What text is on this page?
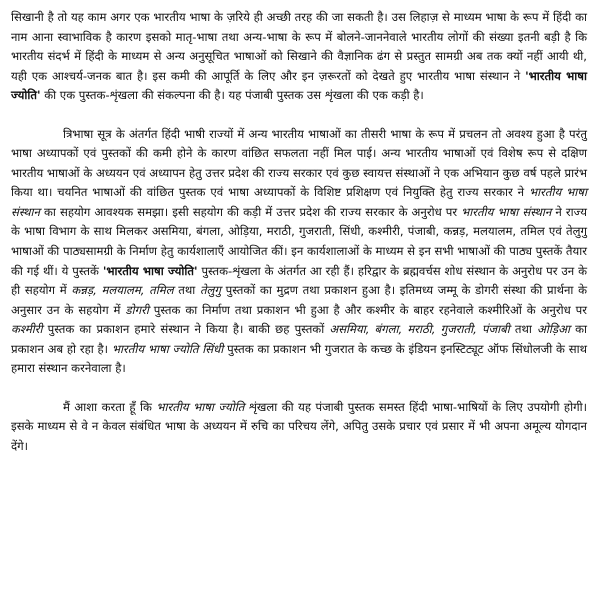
सिखानी है तो यह काम अगर एक भारतीय भाषा के ज़रिये ही अच्छी तरह की जा सकती है। उस लिहाज़ से माध्यम भाषा के रूप में हिंदी का नाम आना स्वाभाविक है कारण इसको मातृ-भाषा तथा अन्य-भाषा के रूप में बोलने-जाननेवाले भारतीय लोगों की संख्या इतनी बड़ी है कि भारतीय संदर्भ में हिंदी के माध्यम से अन्य अनुसूचित भाषाओं को सिखाने की वैज्ञानिक ढंग से प्रस्तुत सामग्री अब तक क्यों नहीं आयी थी, यही एक आश्चर्य-जनक बात है। इस कमी की आपूर्ति के लिए और इन ज़रूरतों को देखते हुए भारतीय भाषा संस्थान ने 'भारतीय भाषा ज्योति' की एक पुस्तक-शृंखला की संकल्पना की है। यह पंजाबी पुस्तक उस शृंखला की एक कड़ी है।

त्रिभाषा सूत्र के अंतर्गत हिंदी भाषी राज्यों में अन्य भारतीय भाषाओं का तीसरी भाषा के रूप में प्रचलन तो अवश्य हुआ है परंतु भाषा अध्यापकों एवं पुस्तकों की कमी होने के कारण वांछित सफलता नहीं मिल पाई। अन्य भारतीय भाषाओं एवं विशेष रूप से दक्षिण भारतीय भाषाओं के अध्ययन एवं अध्यापन हेतु उत्तर प्रदेश की राज्य सरकार एवं कुछ स्वायत्त संस्थाओं ने एक अभियान कुछ वर्ष पहले प्रारंभ किया था। चयनित भाषाओं की वांछित पुस्तक एवं भाषा अध्यापकों के विशिष्ट प्रशिक्षण एवं नियुक्ति हेतु राज्य सरकार ने भारतीय भाषा संस्थान का सहयोग आवश्यक समझा। इसी सहयोग की कड़ी में उत्तर प्रदेश की राज्य सरकार के अनुरोध पर भारतीय भाषा संस्थान ने राज्य के भाषा विभाग के साथ मिलकर असमिया, बंगला, ओड़िया, मराठी, गुजराती, सिंधी, कश्मीरी, पंजाबी, कन्नड़, मलयालम, तमिल एवं तेलुगु भाषाओं की पाठ्यसामग्री के निर्माण हेतु कार्यशालाएँ आयोजित कीं। इन कार्यशालाओं के माध्यम से इन सभी भाषाओं की पाठ्य पुस्तकें तैयार की गई थीं। ये पुस्तकें 'भारतीय भाषा ज्योति' पुस्तक-शृंखला के अंतर्गत आ रही हैं। हरिद्वार के ब्रह्मवर्चस शोध संस्थान के अनुरोध पर उन के ही सहयोग में कन्नड़, मलयालम, तमिल तथा तेलुगु पुस्तकों का मुद्रण तथा प्रकाशन हुआ है। इतिमध्य जम्मू के डोगरी संस्था की प्रार्थना के अनुसार उन के सहयोग में डोगरी पुस्तक का निर्माण तथा प्रकाशन भी हुआ है और कश्मीर के बाहर रहनेवाले कश्मीरिओं के अनुरोध पर कश्मीरी पुस्तक का प्रकाशन हमारे संस्थान ने किया है। बाकी छह पुस्तकों असमिया, बंगला, मराठी, गुजराती, पंजाबी तथा ओड़िआ का प्रकाशन अब हो रहा है। भारतीय भाषा ज्योति सिंधी पुस्तक का प्रकाशन भी गुजरात के कच्छ के इंडियन इनस्टिट्यूट ऑफ सिंधोलजी के साथ हमारा संस्थान करनेवाला है।

मैं आशा करता हूँ कि भारतीय भाषा ज्योति शृंखला की यह पंजाबी पुस्तक समस्त हिंदी भाषा-भाषियों के लिए उपयोगी होगी। इसके माध्यम से वे न केवल संबंधित भाषा के अध्ययन में रुचि का परिचय लेंगे, अपितु उसके प्रचार एवं प्रसार में भी अपना अमूल्य योगदान देंगे।
